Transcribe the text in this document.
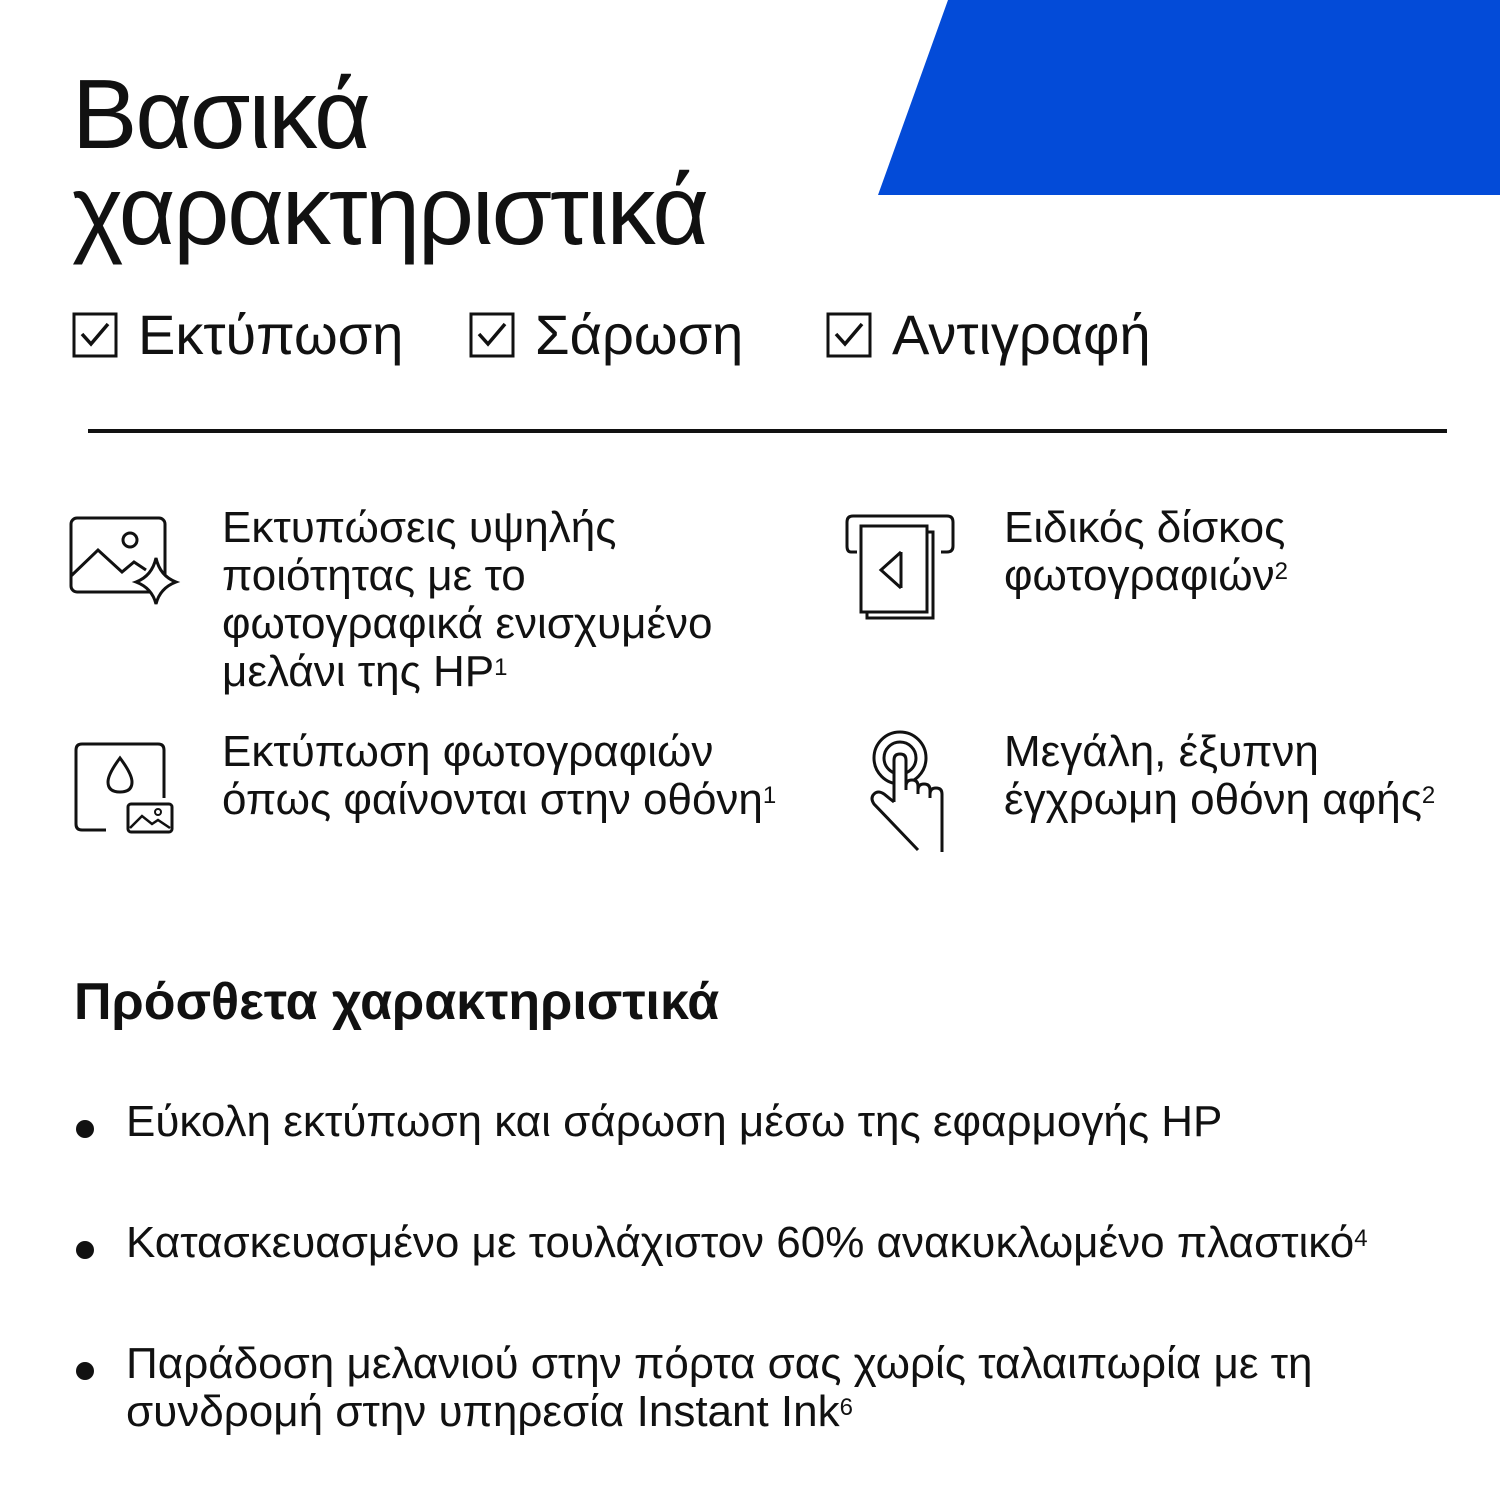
Βασικά
χαρακτηριστικά
Εκτύπωση Σάρωση	Αντιγραφή

Εκτυπώσεις υψηλής
ποιότητας με το
φωτογραφικά ενισχυμένο
μελάνι της $HP^1$

Ειδικός δίσκος
φωτογραφιών$^2$

Εκτύπωση φωτογραφιών
όπως φαίνονται στην οθόνη$^1$

Μεγάλη, έξυπνη
έγχρωμη οθόνη αφής$^2$

Πρόσθετα χαρακτηριστικά

Εύκολη εκτύπωση και σάρωση μέσω της εφαρμογής HP

Κατασκευασμένο με τουλάχιστον 60% ανακυκλωμένο πλαστικό$^4$

Παράδοση μελανιού στην πόρτα σας χωρίς ταλαιπωρία με τη
συνδρομή στην υπηρεσία Instant Ink$^6$
